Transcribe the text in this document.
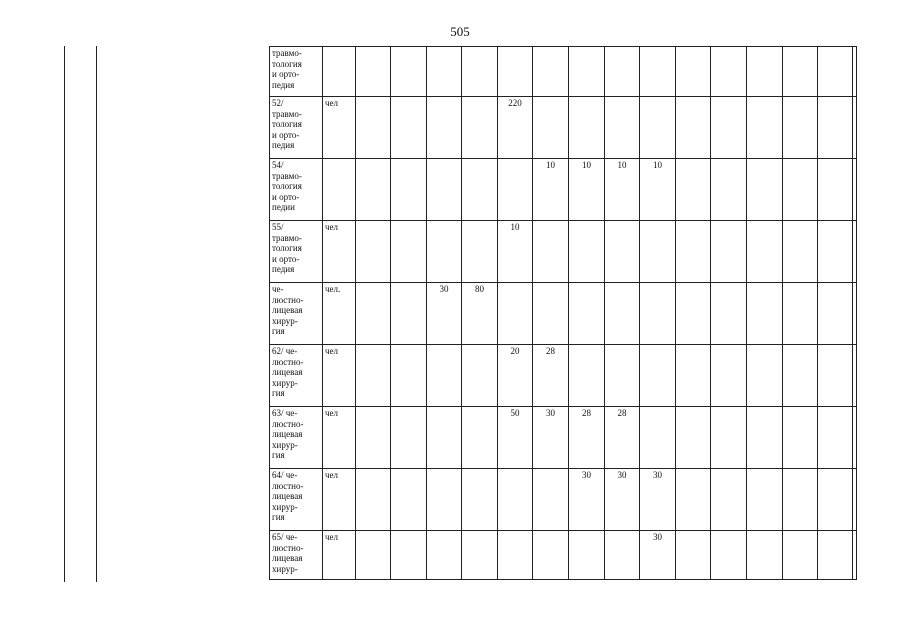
505
травмо-
тология
и орто-
педия																

52/
травмо-
тология
и орто-
педия	чел					220										

54/
травмо-
тология
и орто-
педии							10	10	10	10						

55/
травмо-
тология
и орто-
педия	чел					10										

че-
люстно-
лицевая
хирур-
гия	чел.			30	80											

62/ че-
люстно-
лицевая
хирур-
гия	чел					20	28									

63/ че-
люстно-
лицевая
хирур-
гия	чел					50	30	28	28							

64/ че-
люстно-
лицевая
хирур-
гия	чел							30	30	30						

65/ че-
люстно-
лицевая
хирур-	чел									30						
